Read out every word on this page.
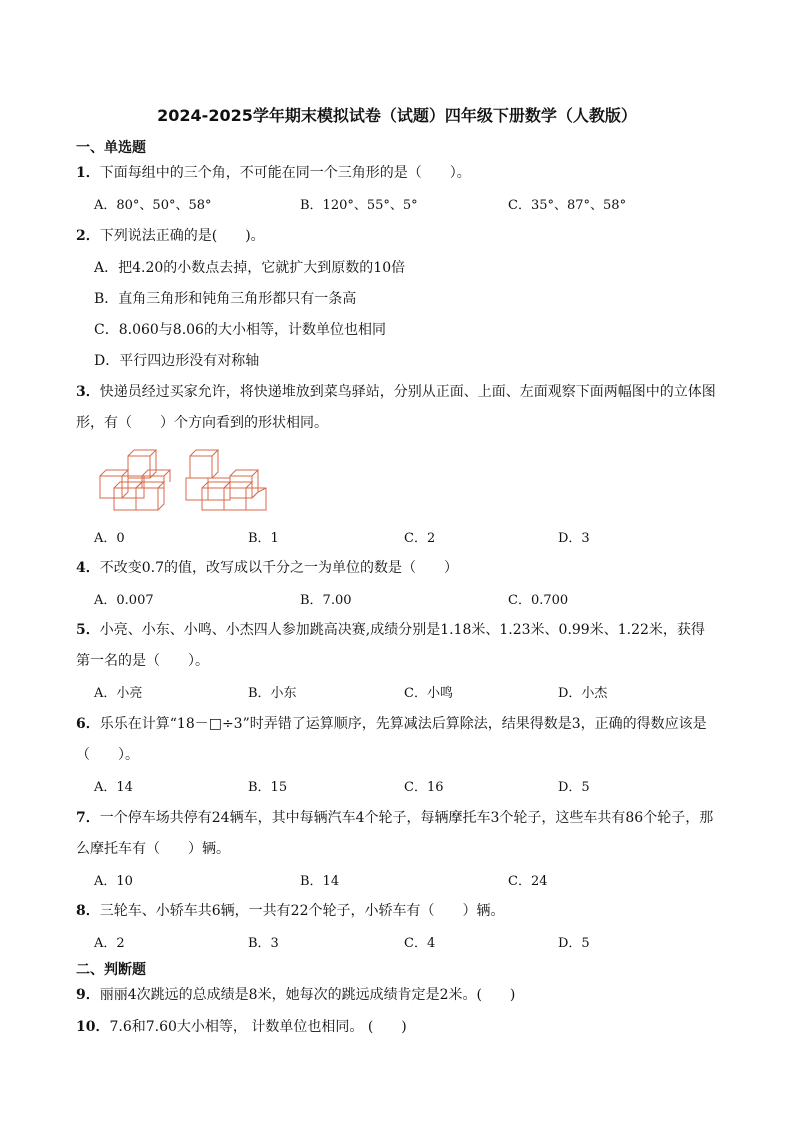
2024-2025学年期末模拟试卷（试题）四年级下册数学（人教版）
一、单选题
1．下面每组中的三个角，不可能在同一个三角形的是（　　）。
A．80°、50°、58°	B．120°、55°、5°	C．35°、87°、58°
2．下列说法正确的是(　　)。
A．把4.20的小数点去掉，它就扩大到原数的10倍
B．直角三角形和钝角三角形都只有一条高
C．8.060与8.06的大小相等，计数单位也相同
D．平行四边形没有对称轴
3．快递员经过买家允许，将快递堆放到菜鸟驿站，分别从正面、上面、左面观察下面两幅图中的立体图形，有（　　）个方向看到的形状相同。
A．0	B．1	C．2	D．3
4．不改变0.7的值，改写成以千分之一为单位的数是（　　）
A．0.007	B．7.00	C．0.700
5．小亮、小东、小鸣、小杰四人参加跳高决赛,成绩分别是1.18米、1.23米、0.99米、1.22米，获得第一名的是（　　）。
A．小亮	B．小东	C．小鸣	D．小杰
6．乐乐在计算“18－□÷3”时弄错了运算顺序，先算减法后算除法，结果得数是3，正确的得数应该是（　　）。
A．14	B．15	C．16	D．5
7．一个停车场共停有24辆车，其中每辆汽车4个轮子，每辆摩托车3个轮子，这些车共有86个轮子，那么摩托车有（　　）辆。
A．10	B．14	C．24
8．三轮车、小轿车共6辆，一共有22个轮子，小轿车有（　　）辆。
A．2	B．3	C．4	D．5
二、判断题
9．丽丽4次跳远的总成绩是8米，她每次的跳远成绩肯定是2米。(　　)
10．7.6和7.60大小相等， 计数单位也相同。 (　　)
